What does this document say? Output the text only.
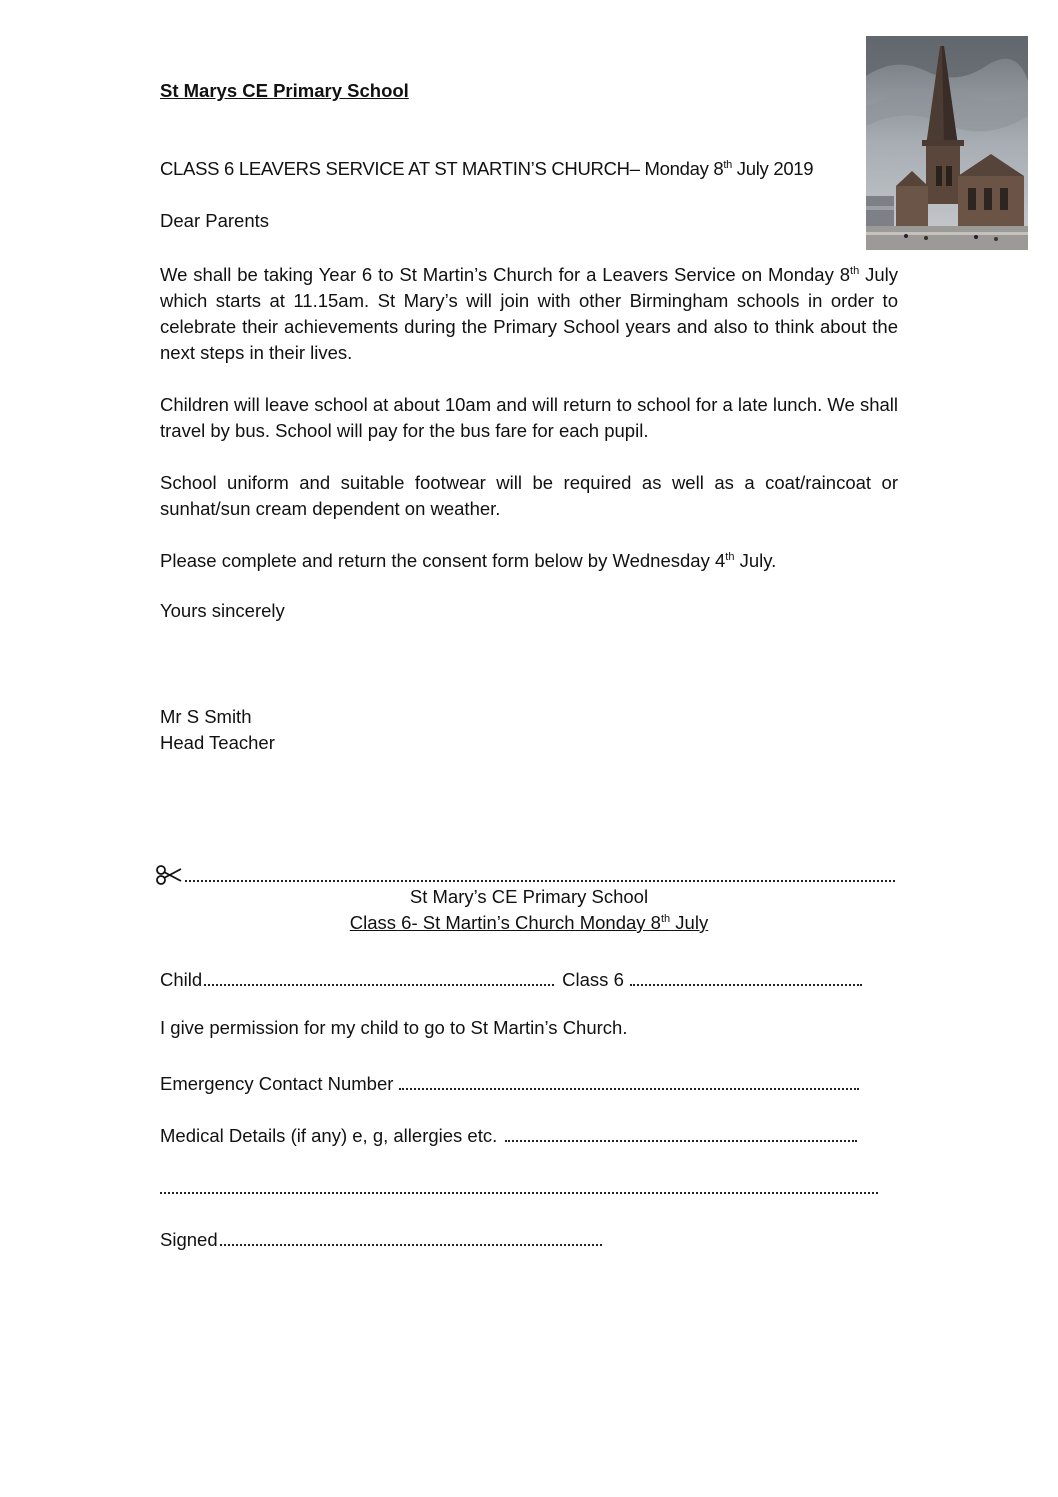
St Marys CE Primary School
CLASS 6 LEAVERS SERVICE AT ST MARTIN’S CHURCH– Monday 8th July 2019
Dear Parents
We shall be taking Year 6 to St Martin’s Church for a Leavers Service on Monday 8th July which starts at 11.15am. St Mary’s will join with other Birmingham schools in order to celebrate their achievements during the Primary School years and also to think about the next steps in their lives.
Children will leave school at about 10am and will return to school for a late lunch. We shall travel by bus. School will pay for the bus fare for each pupil.
School uniform and suitable footwear will be required as well as a coat/raincoat or sunhat/sun cream dependent on weather.
Please complete and return the consent form below by Wednesday 4th July.
Yours sincerely
Mr S Smith
Head Teacher
St Mary’s CE Primary School
Class 6- St Martin’s Church Monday 8th July
Child	Class 6
I give permission for my child to go to St Martin’s Church.
Emergency Contact Number
Medical Details (if any) e, g, allergies etc.
Signed
